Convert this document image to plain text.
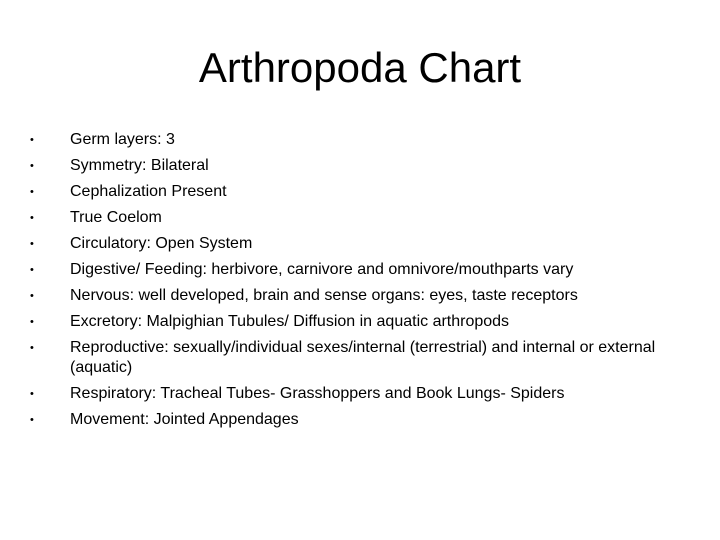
Arthropoda Chart
•	Germ layers: 3
•	Symmetry: Bilateral
•	Cephalization Present
•	True Coelom
•	Circulatory: Open System
•	Digestive/ Feeding: herbivore, carnivore and omnivore/mouthparts vary
•	Nervous: well developed, brain and sense organs: eyes, taste receptors
•	Excretory: Malpighian Tubules/ Diffusion in aquatic arthropods
•	Reproductive: sexually/individual sexes/internal (terrestrial) and internal or external (aquatic)
•	Respiratory: Tracheal Tubes- Grasshoppers and Book Lungs- Spiders
•	Movement: Jointed Appendages
